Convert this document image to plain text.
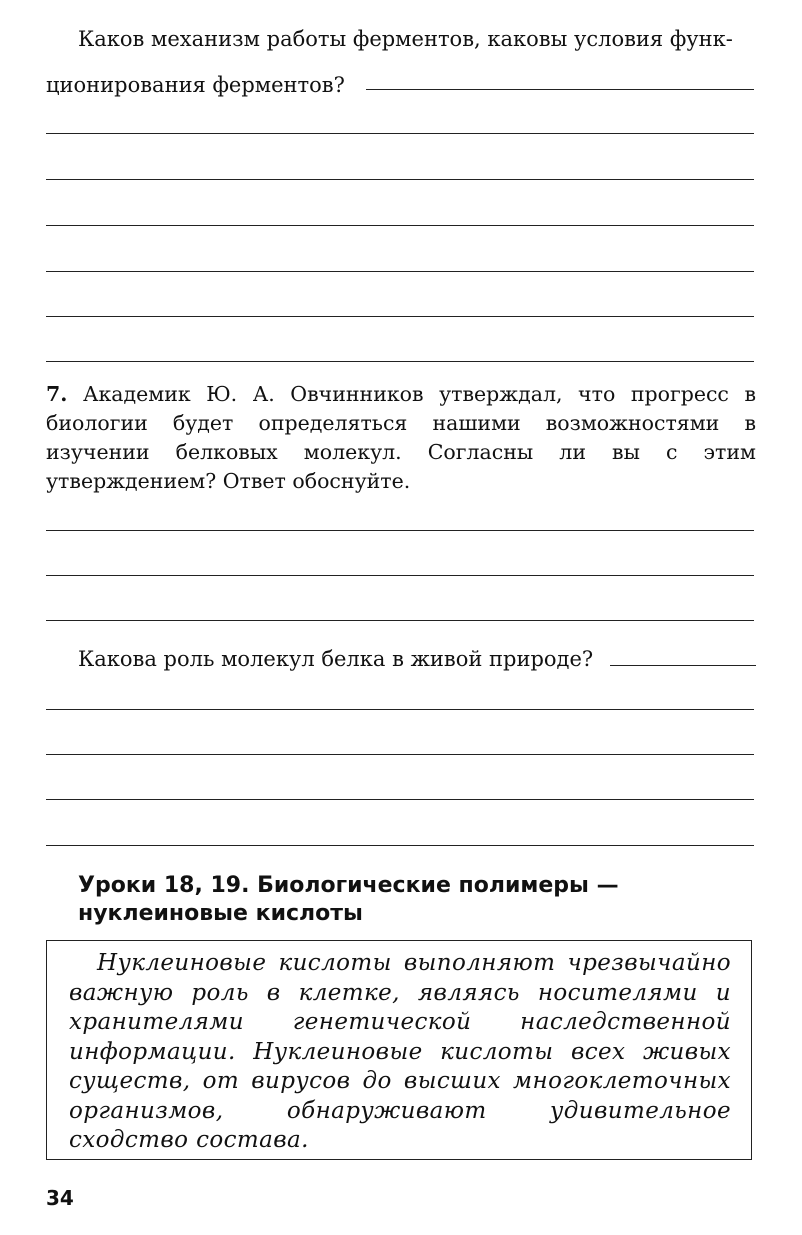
Каков механизм работы ферментов, каковы условия функ-

ционирования ферментов?

7. Академик Ю. А. Овчинников утверждал, что прогресс в биологии будет определяться нашими возможностями в изучении белковых молекул. Согласны ли вы с этим утверждением? Ответ обоснуйте.

Какова роль молекул белка в живой природе?

Уроки 18, 19. Биологические полимеры —
нуклеиновые кислоты

Нуклеиновые кислоты выполняют чрезвычайно важную роль в клетке, являясь носителями и хранителями генетической наследственной информации. Нуклеиновые кислоты всех живых существ, от вирусов до высших многоклеточных организмов, обнаруживают удивительное сходство состава.

34
